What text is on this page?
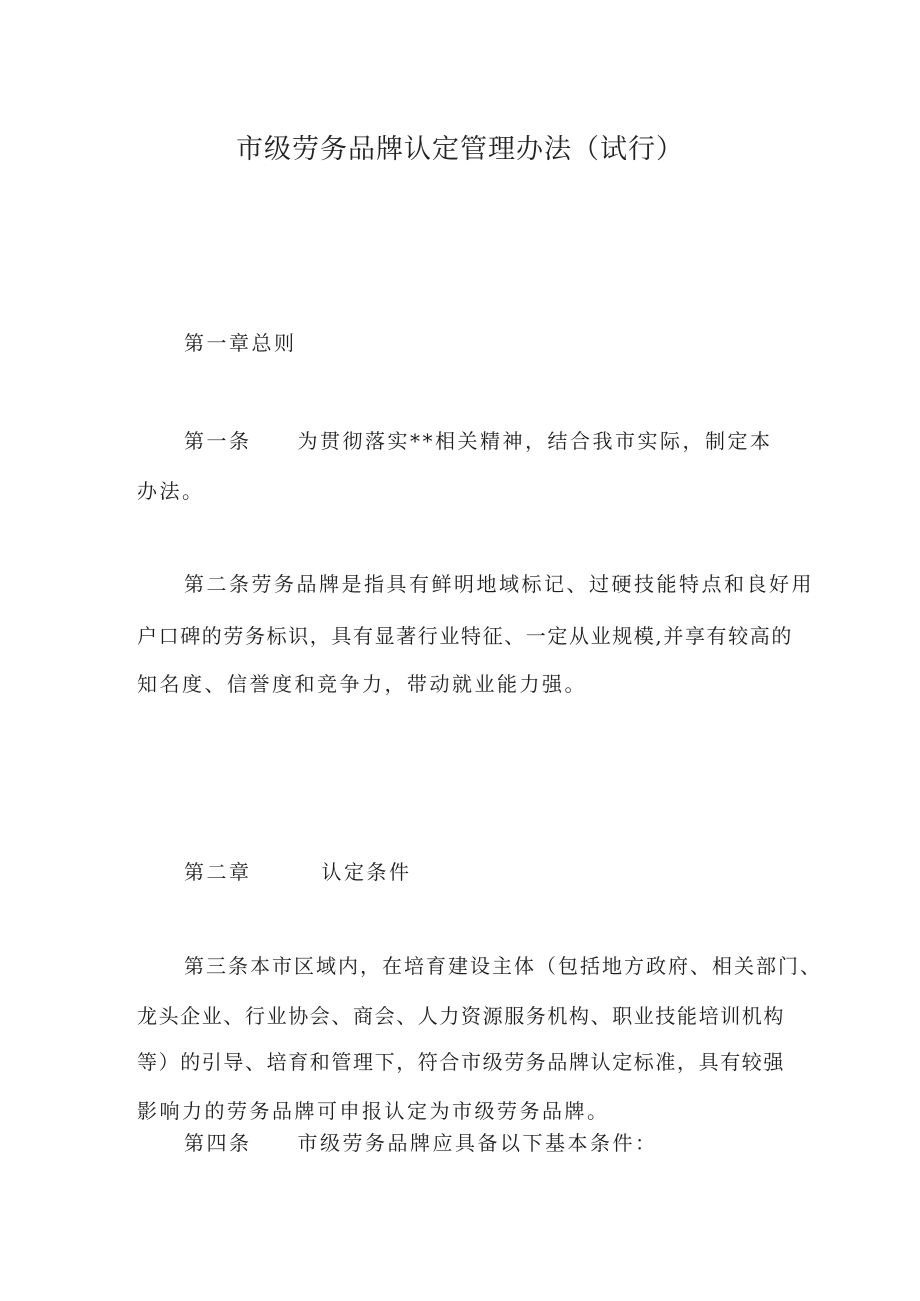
市级劳务品牌认定管理办法（试行）
第一章总则
第一条 为贯彻落实**相关精神，结合我市实际，制定本
办法。
第二条劳务品牌是指具有鲜明地域标记、过硬技能特点和良好用
户口碑的劳务标识，具有显著行业特征、一定从业规模,并享有较高的
知名度、信誉度和竞争力，带动就业能力强。
第二章	认定条件
第三条本市区域内，在培育建设主体（包括地方政府、相关部门、
龙头企业、行业协会、商会、人力资源服务机构、职业技能培训机构
等）的引导、培育和管理下，符合市级劳务品牌认定标准，具有较强
影响力的劳务品牌可申报认定为市级劳务品牌。
第四条 市级劳务品牌应具备以下基本条件：
